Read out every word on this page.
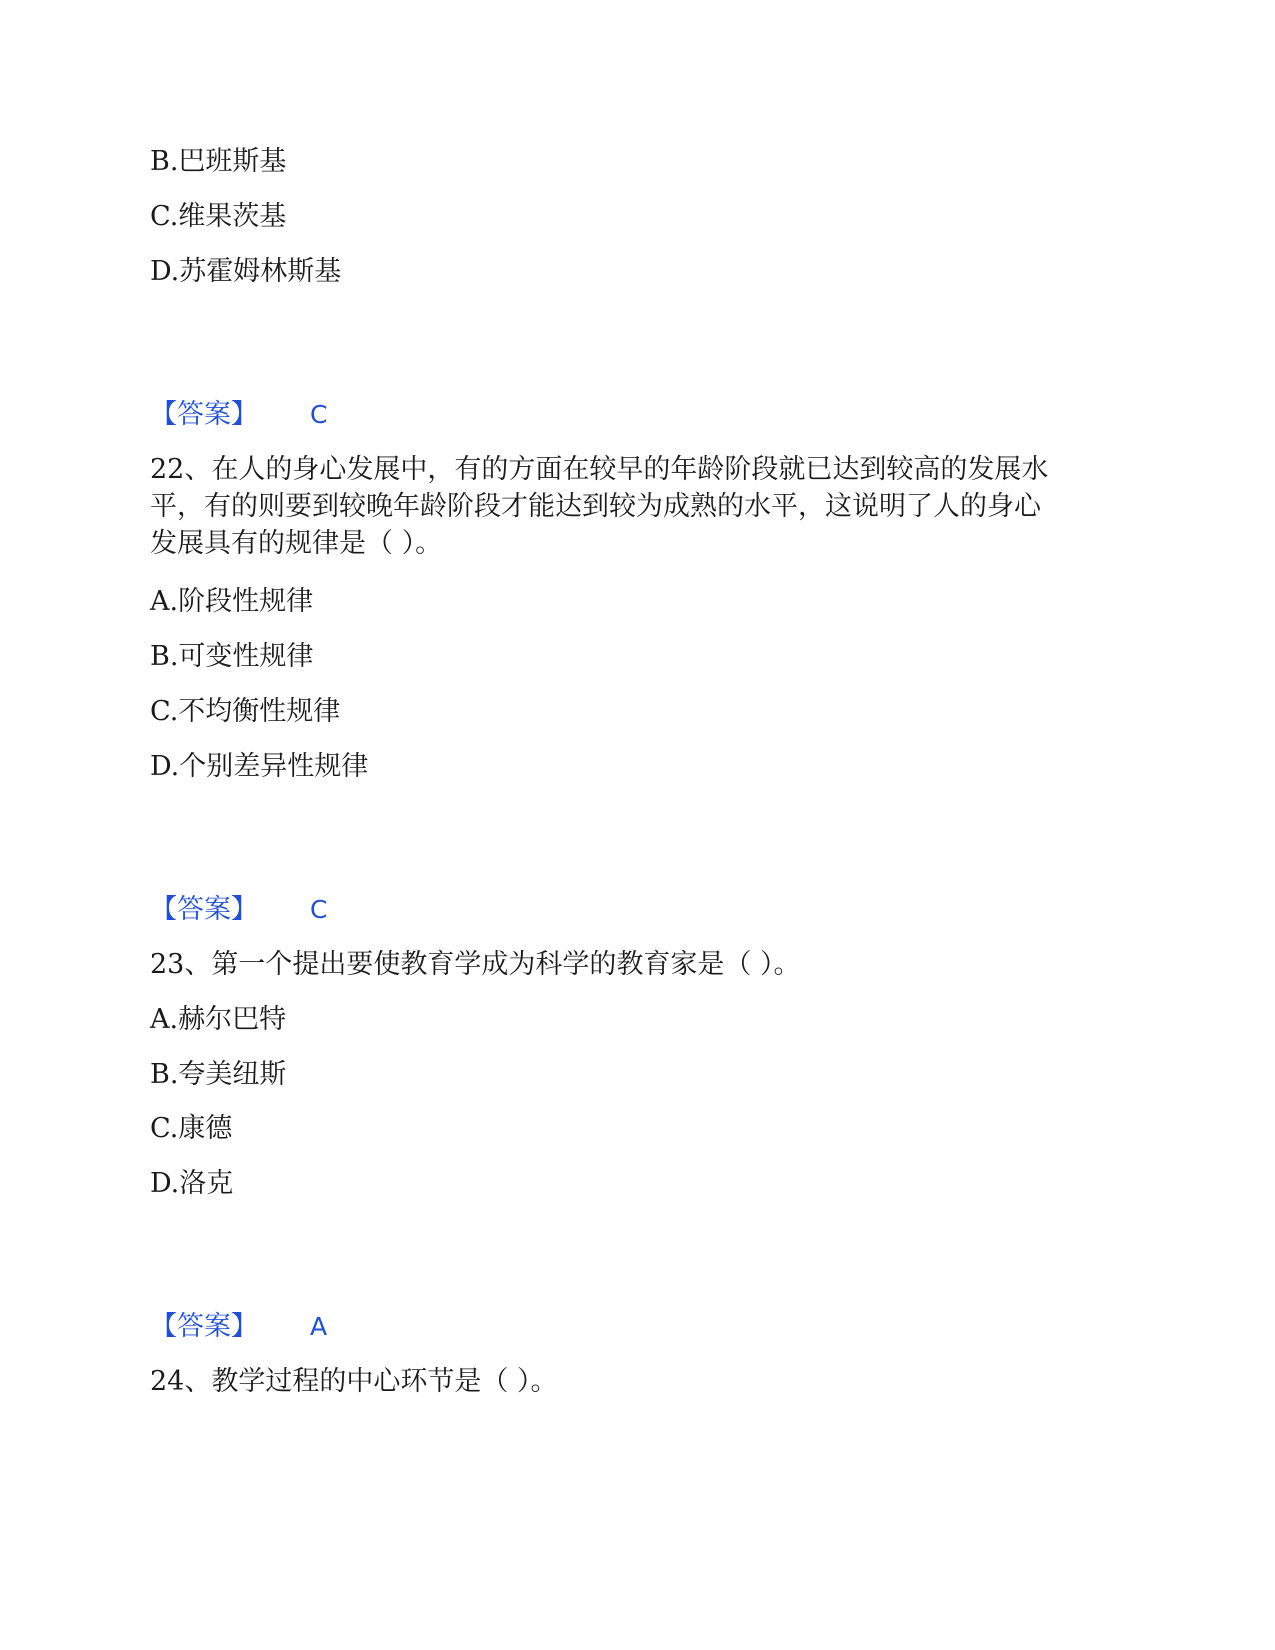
B.巴班斯基
C.维果茨基
D.苏霍姆林斯基
【答案】 C
22、在人的身心发展中，有的方面在较早的年龄阶段就已达到较高的发展水
平，有的则要到较晚年龄阶段才能达到较为成熟的水平，这说明了人的身心
发展具有的规律是（ ）。
A.阶段性规律
B.可变性规律
C.不均衡性规律
D.个别差异性规律
【答案】 C
23、第一个提出要使教育学成为科学的教育家是（ ）。
A.赫尔巴特
B.夸美纽斯
C.康德
D.洛克
【答案】 A
24、教学过程的中心环节是（ ）。
